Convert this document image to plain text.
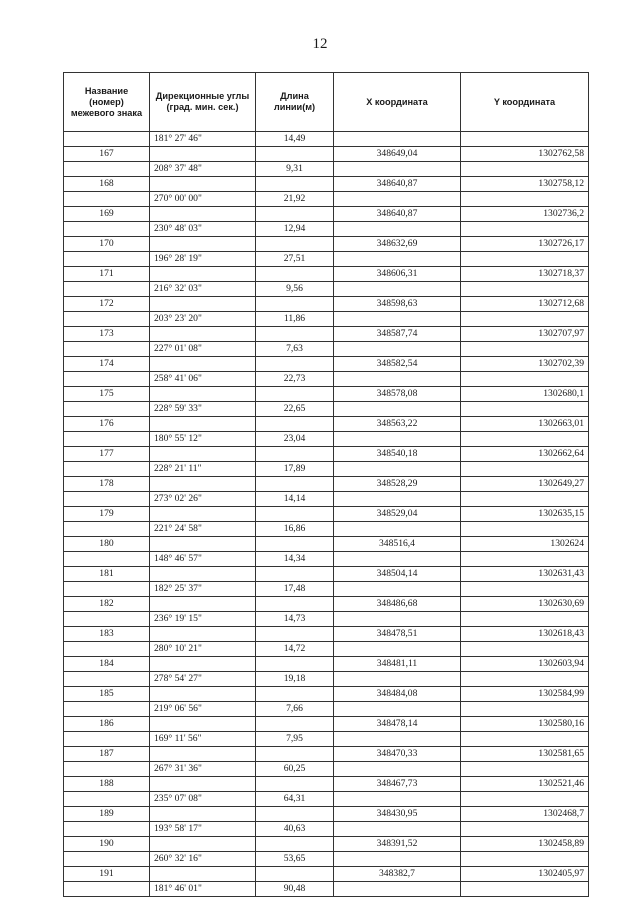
12
Название (номер) межевого знака	Дирекционные углы (град. мин. сек.)	Длина линии(м)	X координата	Y координата
	181° 27' 46"	14,49		
167			348649,04	1302762,58
	208° 37' 48"	9,31		
168			348640,87	1302758,12
	270° 00' 00"	21,92		
169			348640,87	1302736,2
	230° 48' 03"	12,94		
170			348632,69	1302726,17
	196° 28' 19"	27,51		
171			348606,31	1302718,37
	216° 32' 03"	9,56		
172			348598,63	1302712,68
	203° 23' 20"	11,86		
173			348587,74	1302707,97
	227° 01' 08"	7,63		
174			348582,54	1302702,39
	258° 41' 06"	22,73		
175			348578,08	1302680,1
	228° 59' 33"	22,65		
176			348563,22	1302663,01
	180° 55' 12"	23,04		
177			348540,18	1302662,64
	228° 21' 11"	17,89		
178			348528,29	1302649,27
	273° 02' 26"	14,14		
179			348529,04	1302635,15
	221° 24' 58"	16,86		
180			348516,4	1302624
	148° 46' 57"	14,34		
181			348504,14	1302631,43
	182° 25' 37"	17,48		
182			348486,68	1302630,69
	236° 19' 15"	14,73		
183			348478,51	1302618,43
	280° 10' 21"	14,72		
184			348481,11	1302603,94
	278° 54' 27"	19,18		
185			348484,08	1302584,99
	219° 06' 56"	7,66		
186			348478,14	1302580,16
	169° 11' 56"	7,95		
187			348470,33	1302581,65
	267° 31' 36"	60,25		
188			348467,73	1302521,46
	235° 07' 08"	64,31		
189			348430,95	1302468,7
	193° 58' 17"	40,63		
190			348391,52	1302458,89
	260° 32' 16"	53,65		
191			348382,7	1302405,97
	181° 46' 01"	90,48		
